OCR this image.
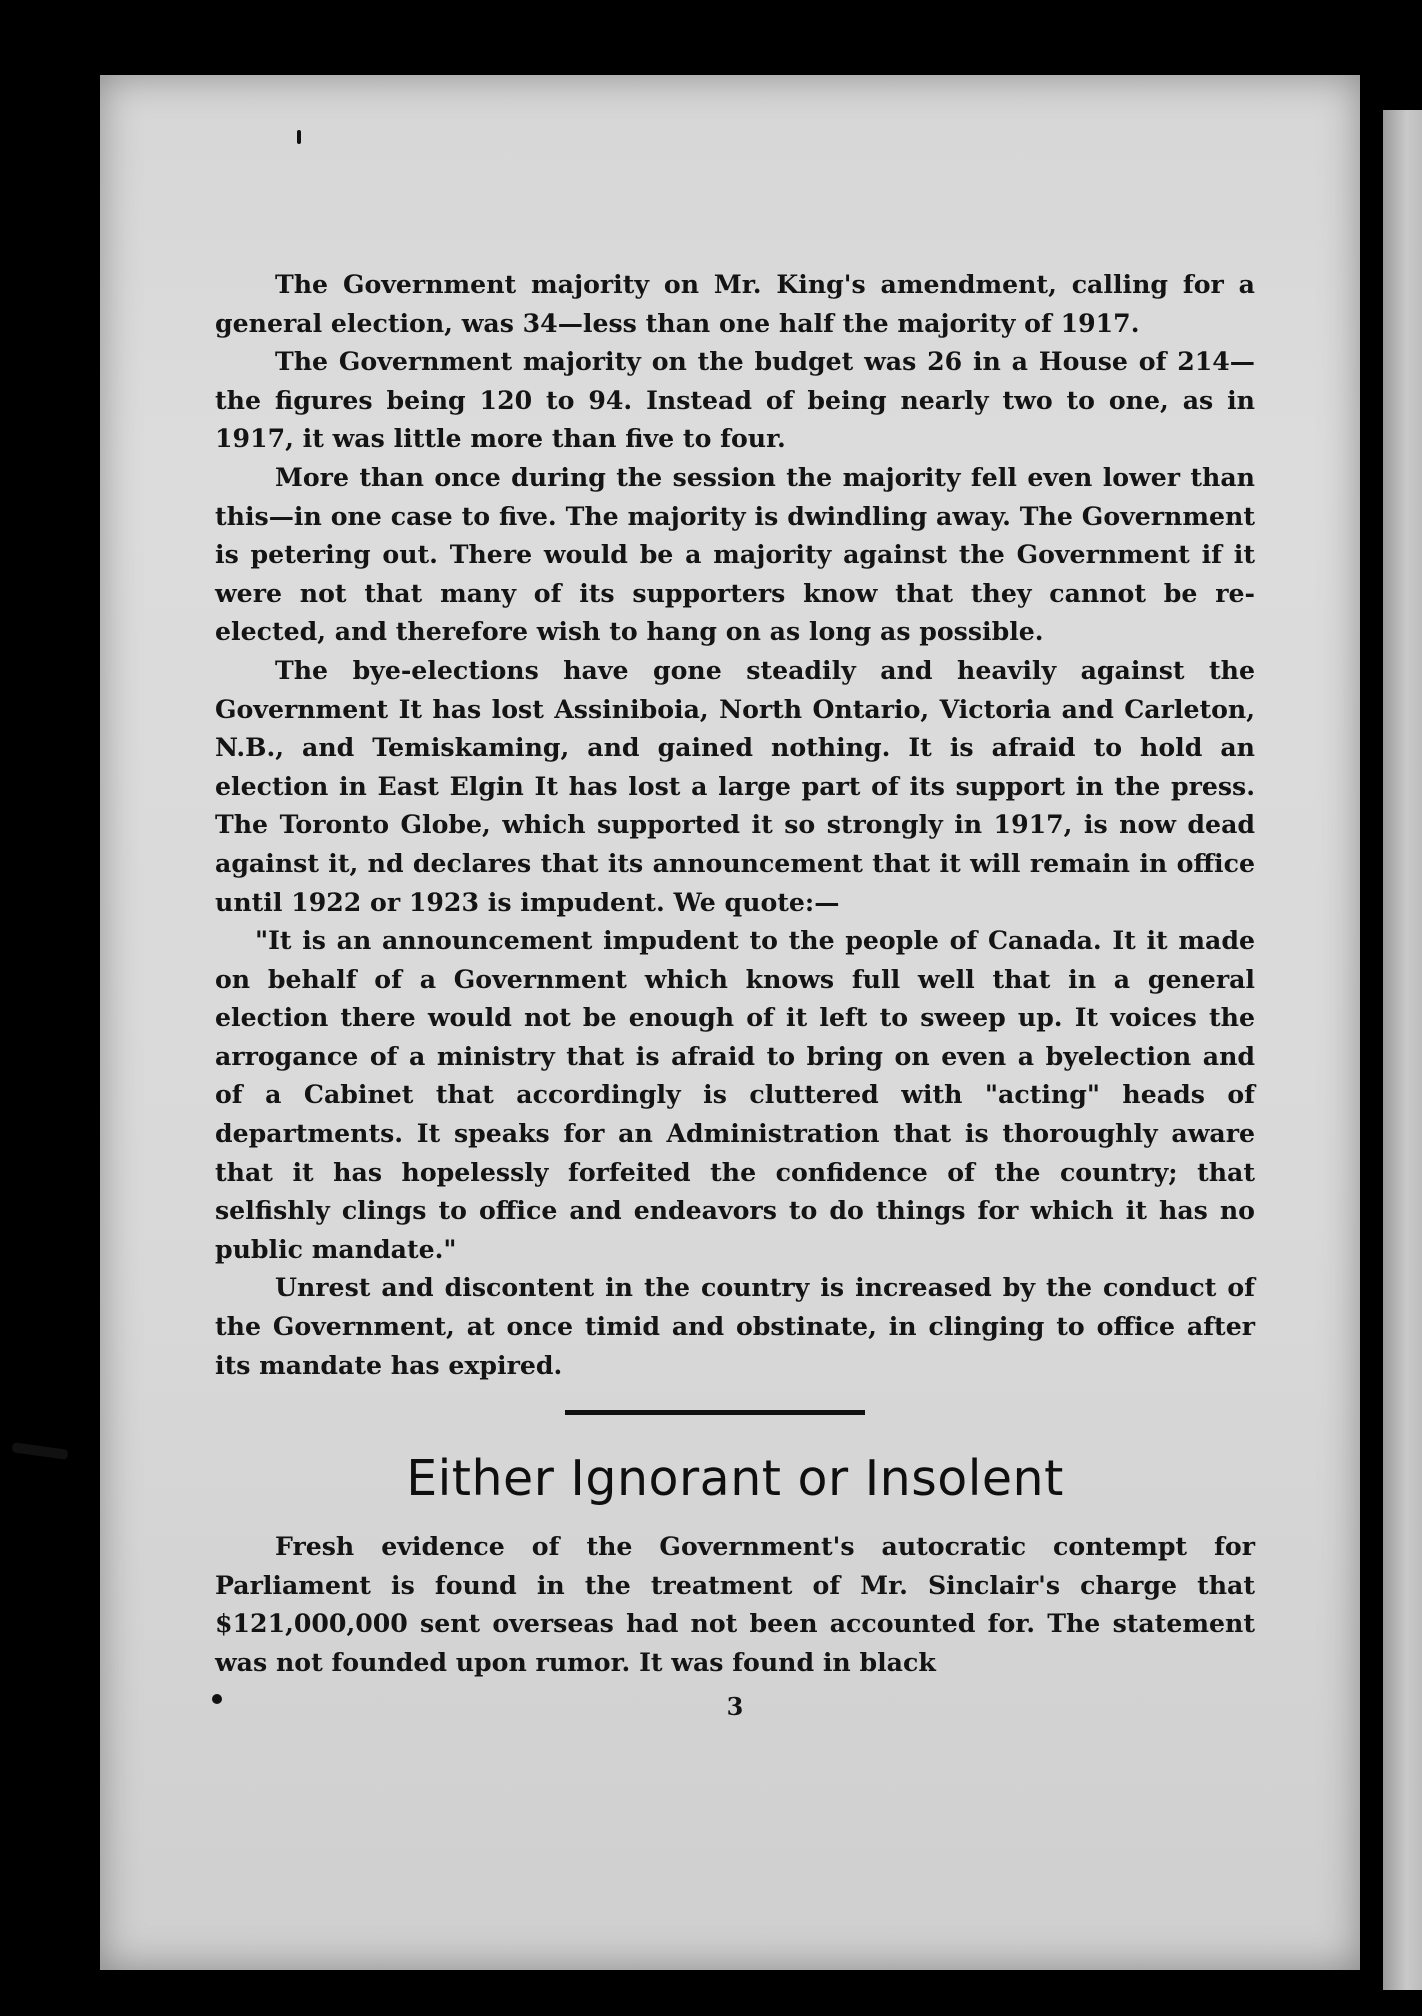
The Government majority on Mr. King's amendment, calling for a general election, was 34—less than one half the majority of 1917.

The Government majority on the budget was 26 in a House of 214—the figures being 120 to 94. Instead of being nearly two to one, as in 1917, it was little more than five to four.

More than once during the session the majority fell even lower than this—in one case to five. The majority is dwindling away. The Government is petering out. There would be a majority against the Government if it were not that many of its supporters know that they cannot be re-elected, and therefore wish to hang on as long as possible.

The bye-elections have gone steadily and heavily against the Government It has lost Assiniboia, North Ontario, Victoria and Carleton, N.B., and Temiskaming, and gained nothing. It is afraid to hold an election in East Elgin It has lost a large part of its support in the press. The Toronto Globe, which supported it so strongly in 1917, is now dead against it, nd declares that its announcement that it will remain in office until 1922 or 1923 is impudent. We quote:—

"It is an announcement impudent to the people of Canada. It it made on behalf of a Government which knows full well that in a general election there would not be enough of it left to sweep up. It voices the arrogance of a ministry that is afraid to bring on even a byelection and of a Cabinet that accordingly is cluttered with "acting" heads of departments. It speaks for an Administration that is thoroughly aware that it has hopelessly forfeited the confidence of the country; that selfishly clings to office and endeavors to do things for which it has no public mandate."

Unrest and discontent in the country is increased by the conduct of the Government, at once timid and obstinate, in clinging to office after its mandate has expired.

Either Ignorant or Insolent

Fresh evidence of the Government's autocratic contempt for Parliament is found in the treatment of Mr. Sinclair's charge that $121,000,000 sent overseas had not been accounted for. The statement was not founded upon rumor. It was found in black

3
